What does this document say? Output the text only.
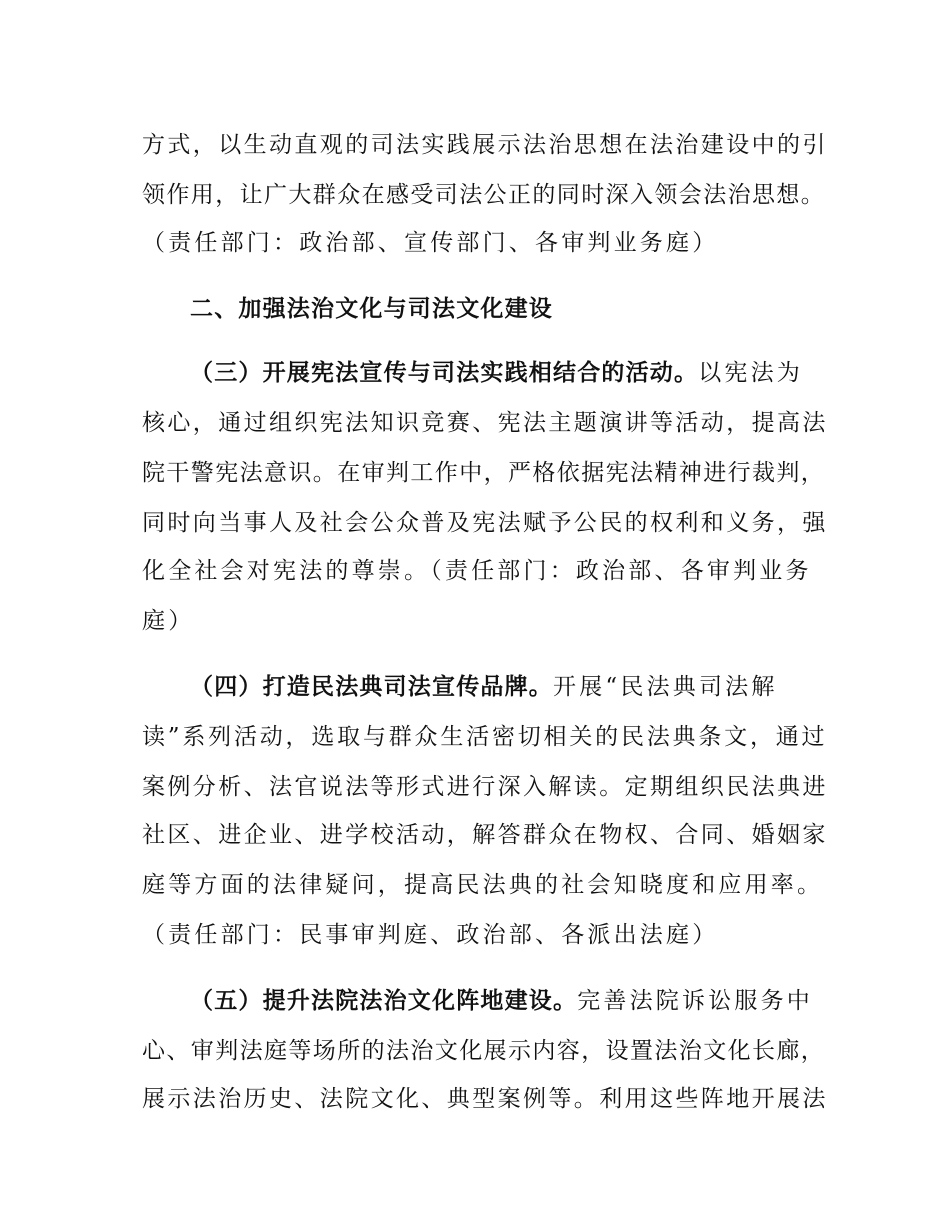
方式，以生动直观的司法实践展示法治思想在法治建设中的引
领作用，让广大群众在感受司法公正的同时深入领会法治思想。
（责任部门：政治部、宣传部门、各审判业务庭）
二、加强法治文化与司法文化建设
（三）开展宪法宣传与司法实践相结合的活动。以宪法为
核心，通过组织宪法知识竞赛、宪法主题演讲等活动，提高法
院干警宪法意识。在审判工作中，严格依据宪法精神进行裁判，
同时向当事人及社会公众普及宪法赋予公民的权利和义务，强
化全社会对宪法的尊崇。（责任部门：政治部、各审判业务
庭）
（四）打造民法典司法宣传品牌。开展“民法典司法解
读”系列活动，选取与群众生活密切相关的民法典条文，通过
案例分析、法官说法等形式进行深入解读。定期组织民法典进
社区、进企业、进学校活动，解答群众在物权、合同、婚姻家
庭等方面的法律疑问，提高民法典的社会知晓度和应用率。
（责任部门：民事审判庭、政治部、各派出法庭）
（五）提升法院法治文化阵地建设。完善法院诉讼服务中
心、审判法庭等场所的法治文化展示内容，设置法治文化长廊，
展示法治历史、法院文化、典型案例等。利用这些阵地开展法
